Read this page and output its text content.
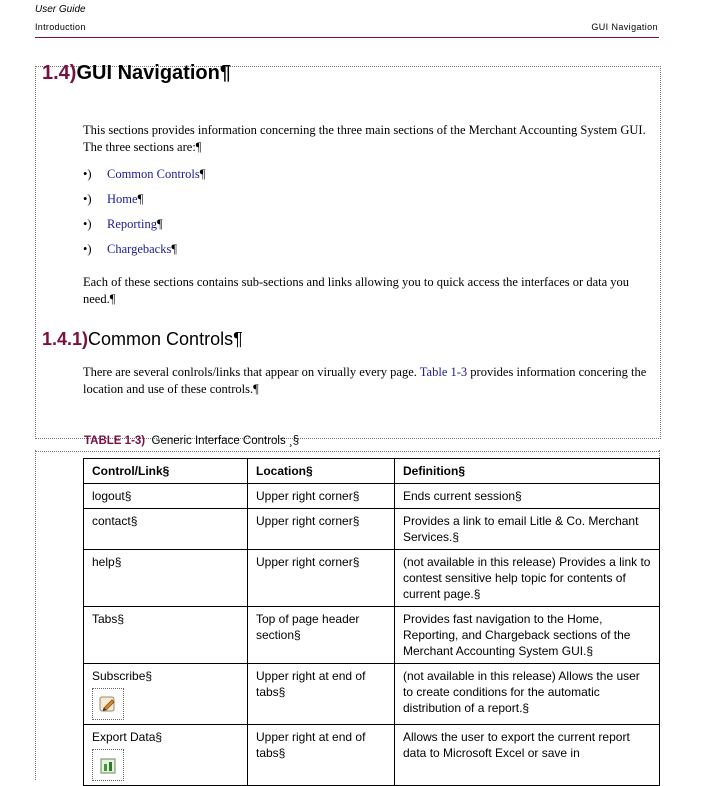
User Guide
Introduction	GUI Navigation
1.4)GUI Navigation¶
This sections provides information concerning the three main sections of the Merchant Accounting System GUI. The three sections are:¶
•)	Common Controls¶
•)	Home¶
•)	Reporting¶
•)	Chargebacks¶
Each of these sections contains sub-sections and links allowing you to quick access the interfaces or data you need.¶
1.4.1)Common Controls¶
There are several conlrols/links that appear on virually every page. Table 1-3 provides information concering the location and use of these controls.¶
TABLE 1-3) Generic Interface Controls ¸§
Control/Link§	Location§	Definition§
logout§	Upper right corner§	Ends current session§
contact§	Upper right corner§	Provides a link to email Litle & Co. Merchant Services.§
help§	Upper right corner§	(not available in this release) Provides a link to contest sensitive help topic for contents of current page.§
Tabs§	Top of page header section§	Provides fast navigation to the Home, Reporting, and Chargeback sections of the Merchant Accounting System GUI.§
Subscribe§	Upper right at end of tabs§	(not available in this release) Allows the user to create conditions for the automatic distribution of a report.§
Export Data§	Upper right at end of tabs§	Allows the user to export the current report data to Microsoft Excel or save in
